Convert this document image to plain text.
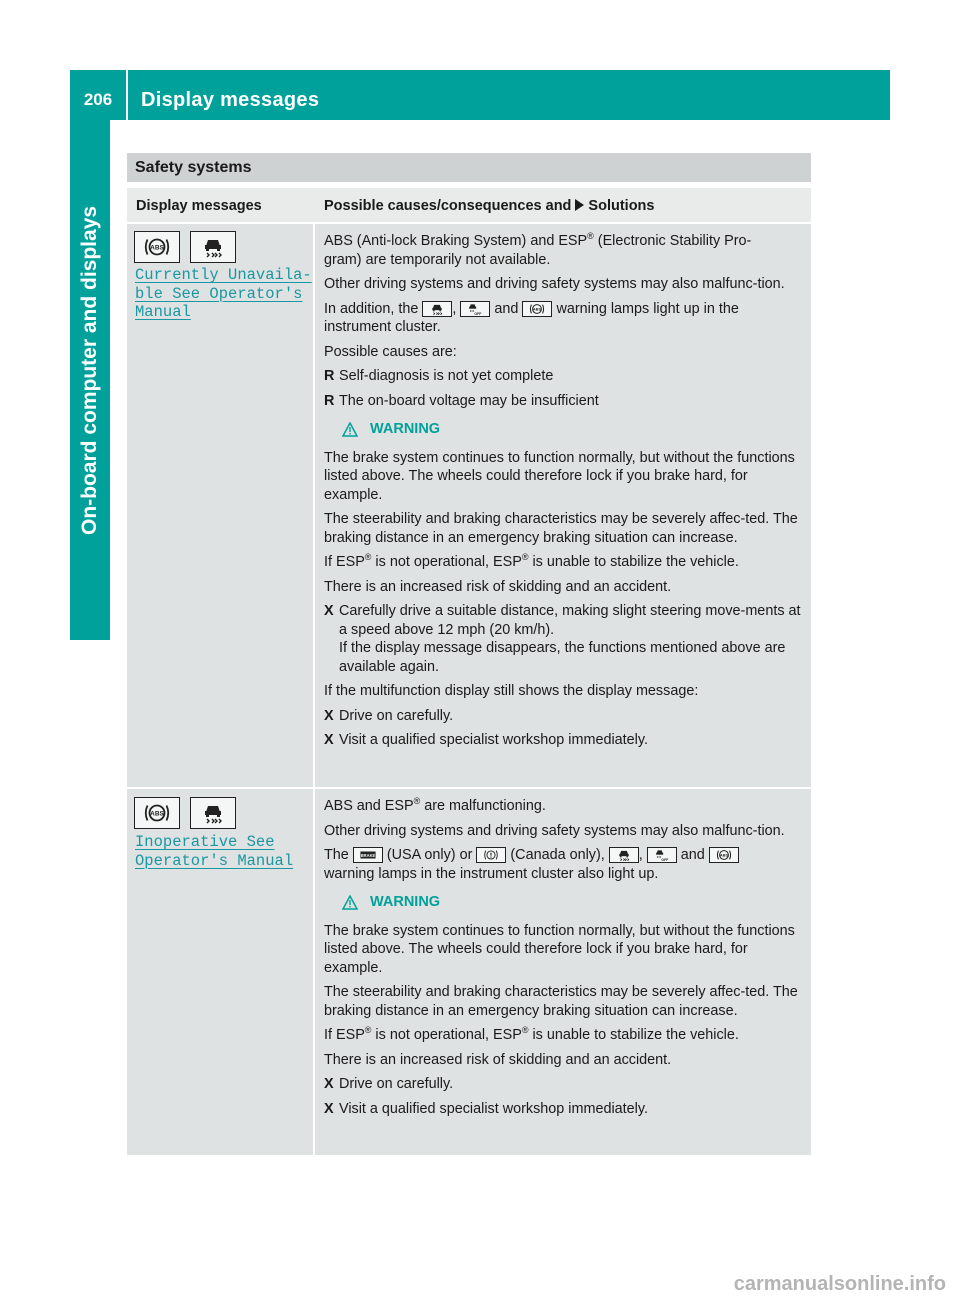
206	Display messages
On-board computer and displays
Safety systems
Display messages	Possible causes/consequences and Solutions
Currently Unavaila‐
ble See Operator's
Manual

ABS (Anti-lock Braking System) and ESP® (Electronic Stability Pro-
gram) are temporarily not available.

Other driving systems and driving safety systems may also malfunc-tion.

In addition, the ,	and	warning lamps light up in the
instrument cluster.

Possible causes are:

R Self-diagnosis is not yet complete
R The on-board voltage may be insufficient
WARNING

The brake system continues to function normally, but without the functions listed above. The wheels could therefore lock if you brake hard, for example.

The steerability and braking characteristics may be severely affec-ted. The braking distance in an emergency braking situation can increase.

If ESP® is not operational, ESP® is unable to stabilize the vehicle.

There is an increased risk of skidding and an accident.

X Carefully drive a suitable distance, making slight steering move-ments at a speed above 12 mph (20 km/h).
If the display message disappears, the functions mentioned above are available again.

If the multifunction display still shows the display message:

X Drive on carefully.
X Visit a qualified specialist workshop immediately.
Inoperative See
Operator's Manual

ABS and ESP® are malfunctioning.

Other driving systems and driving safety systems may also malfunc-tion.

The	(USA only) or	(Canada only), ,	and
warning lamps in the instrument cluster also light up.

WARNING

The brake system continues to function normally, but without the functions listed above. The wheels could therefore lock if you brake hard, for example.

The steerability and braking characteristics may be severely affec-ted. The braking distance in an emergency braking situation can increase.

If ESP® is not operational, ESP® is unable to stabilize the vehicle.

There is an increased risk of skidding and an accident.

X Drive on carefully.
X Visit a qualified specialist workshop immediately.
carmanualsonline.info
